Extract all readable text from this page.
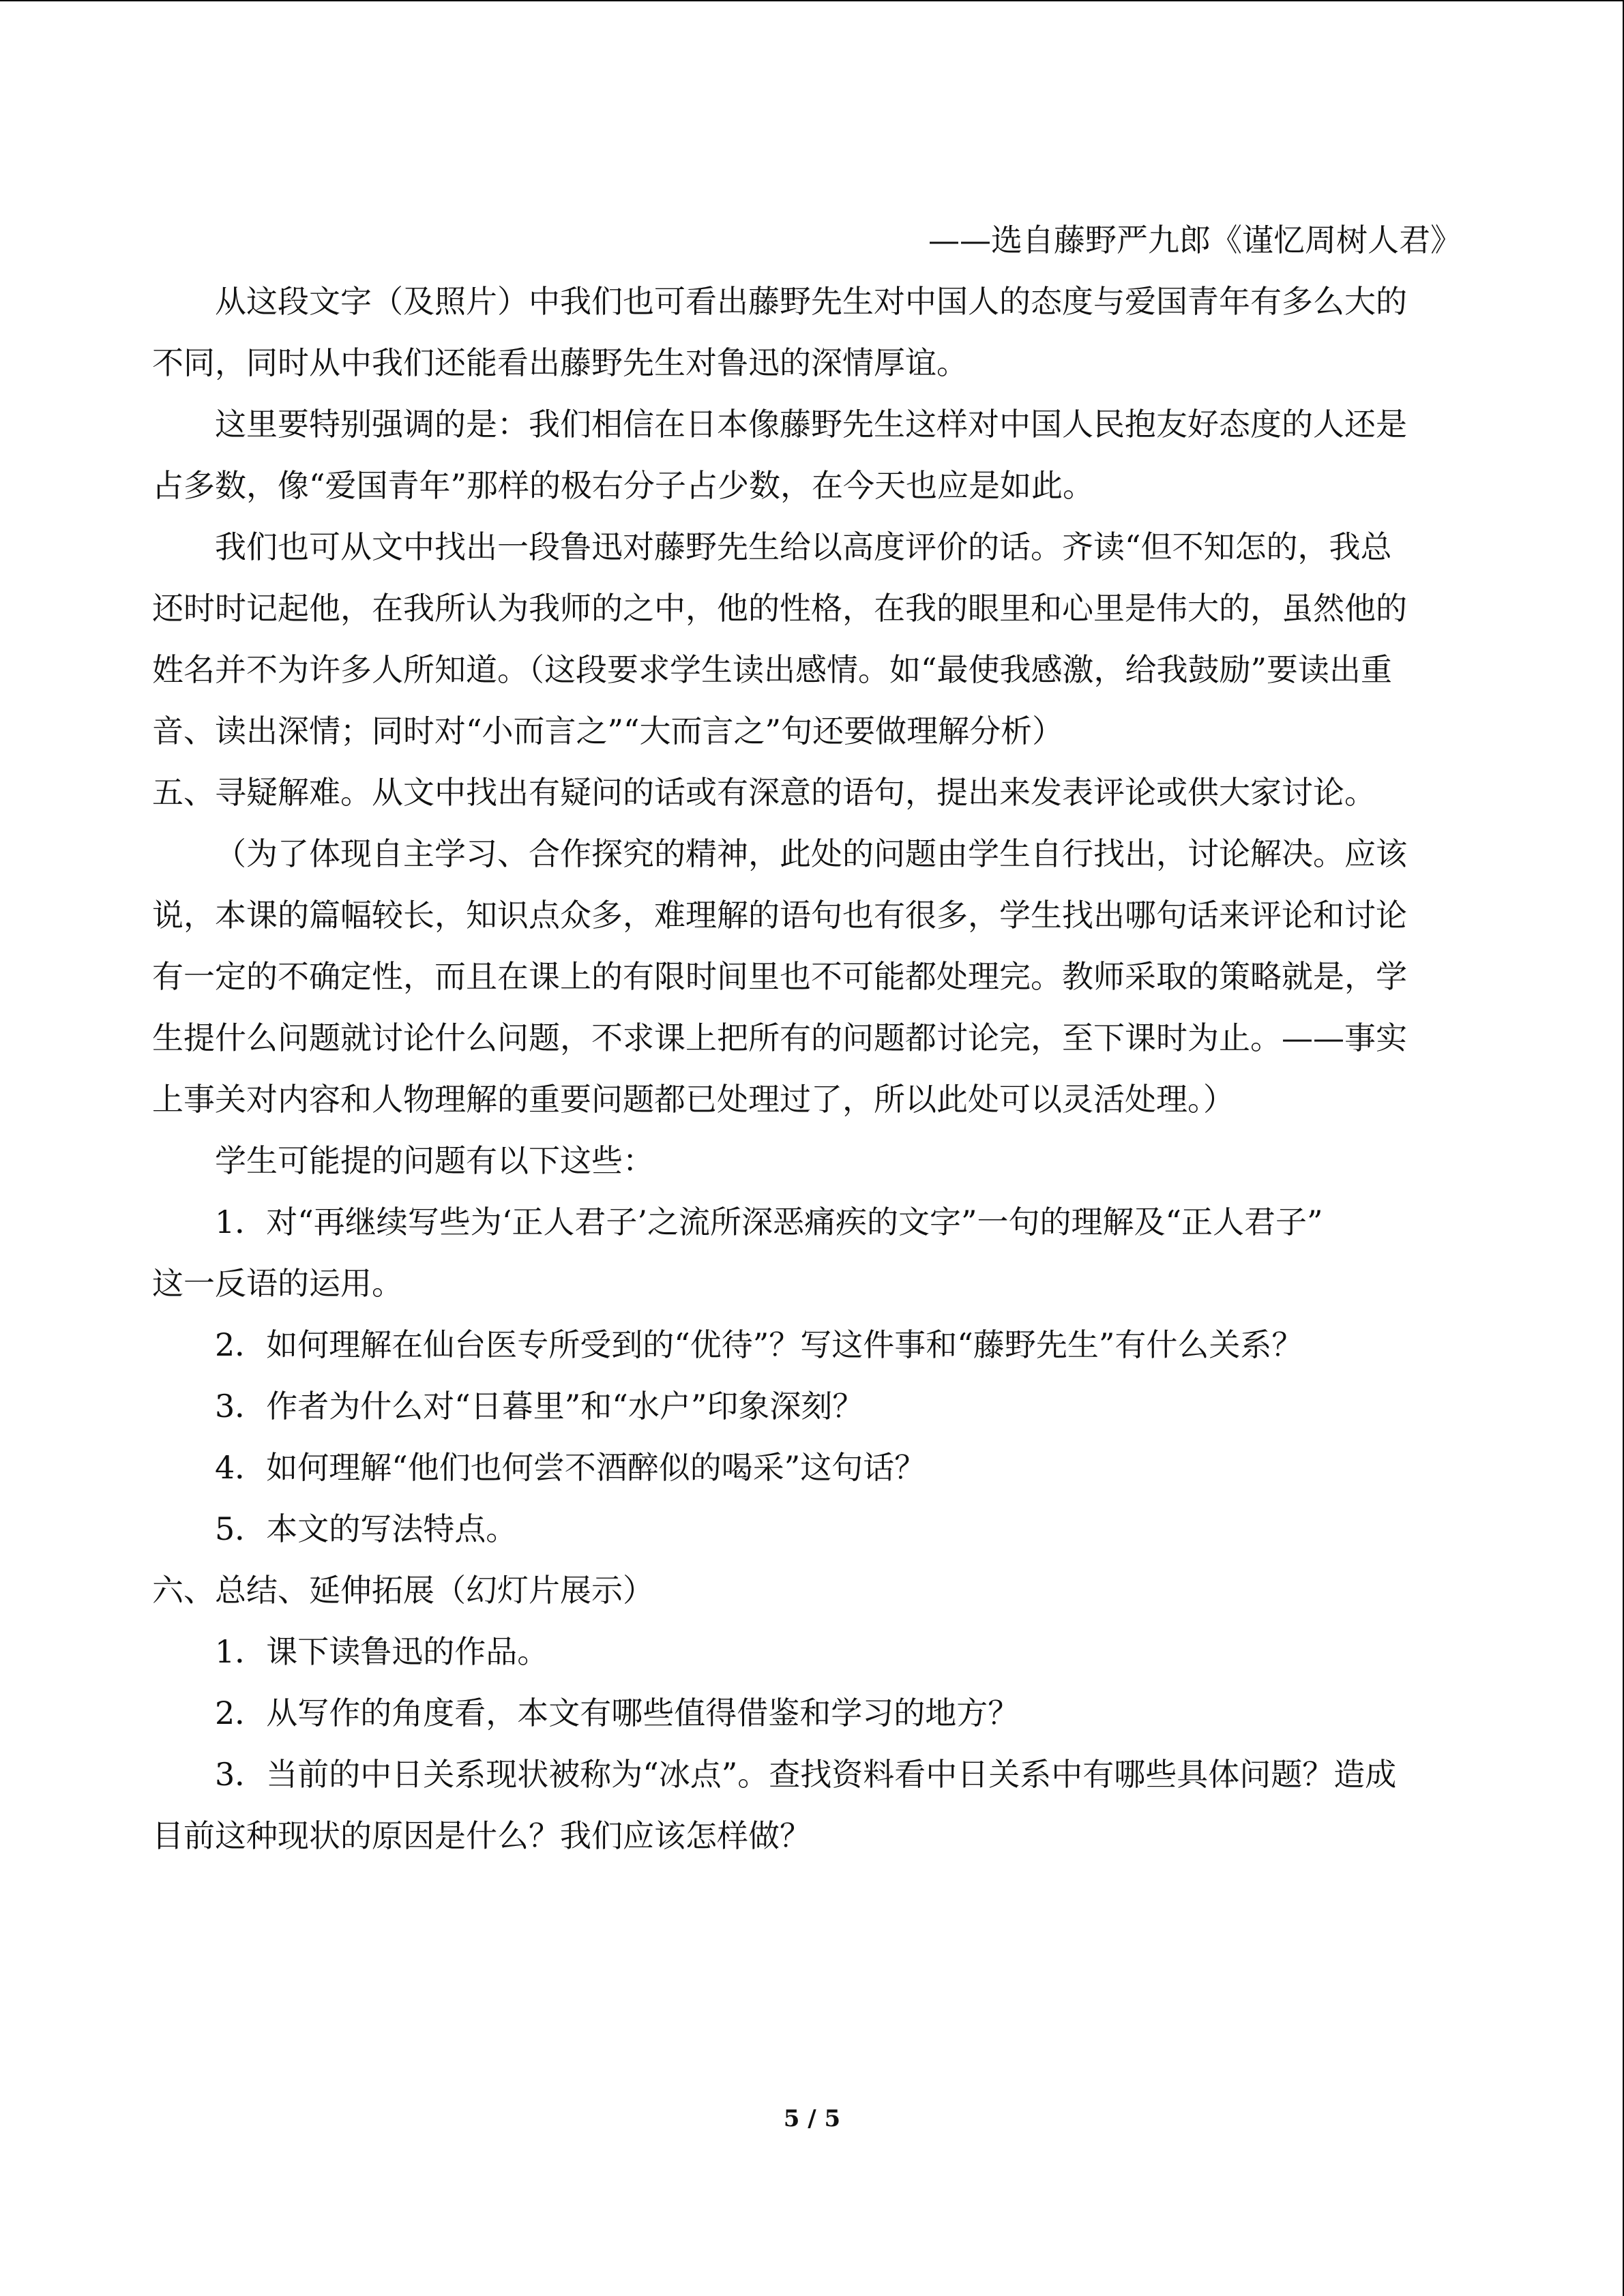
——选自藤野严九郎《谨忆周树人君》
从这段文字（及照片）中我们也可看出藤野先生对中国人的态度与爱国青年有多么大的
不同，同时从中我们还能看出藤野先生对鲁迅的深情厚谊。
这里要特别强调的是：我们相信在日本像藤野先生这样对中国人民抱友好态度的人还是
占多数，像“爱国青年”那样的极右分子占少数，在今天也应是如此。
我们也可从文中找出一段鲁迅对藤野先生给以高度评价的话。齐读“但不知怎的，我总
还时时记起他，在我所认为我师的之中，他的性格，在我的眼里和心里是伟大的，虽然他的
姓名并不为许多人所知道。（这段要求学生读出感情。如“最使我感激，给我鼓励”要读出重
音、读出深情；同时对“小而言之”“大而言之”句还要做理解分析）
五、寻疑解难。从文中找出有疑问的话或有深意的语句，提出来发表评论或供大家讨论。
（为了体现自主学习、合作探究的精神，此处的问题由学生自行找出，讨论解决。应该
说，本课的篇幅较长，知识点众多，难理解的语句也有很多，学生找出哪句话来评论和讨论
有一定的不确定性，而且在课上的有限时间里也不可能都处理完。教师采取的策略就是，学
生提什么问题就讨论什么问题，不求课上把所有的问题都讨论完，至下课时为止。——事实
上事关对内容和人物理解的重要问题都已处理过了，所以此处可以灵活处理。）
学生可能提的问题有以下这些：
1．对“再继续写些为‘正人君子’之流所深恶痛疾的文字”一句的理解及“正人君子”
这一反语的运用。
2．如何理解在仙台医专所受到的“优待”？写这件事和“藤野先生”有什么关系？
3．作者为什么对“日暮里”和“水户”印象深刻？
4．如何理解“他们也何尝不酒醉似的喝采”这句话？
5．本文的写法特点。
六、总结、延伸拓展（幻灯片展示）
1．课下读鲁迅的作品。
2．从写作的角度看，本文有哪些值得借鉴和学习的地方？
3．当前的中日关系现状被称为“冰点”。查找资料看中日关系中有哪些具体问题？造成
目前这种现状的原因是什么？我们应该怎样做？
5 / 5
